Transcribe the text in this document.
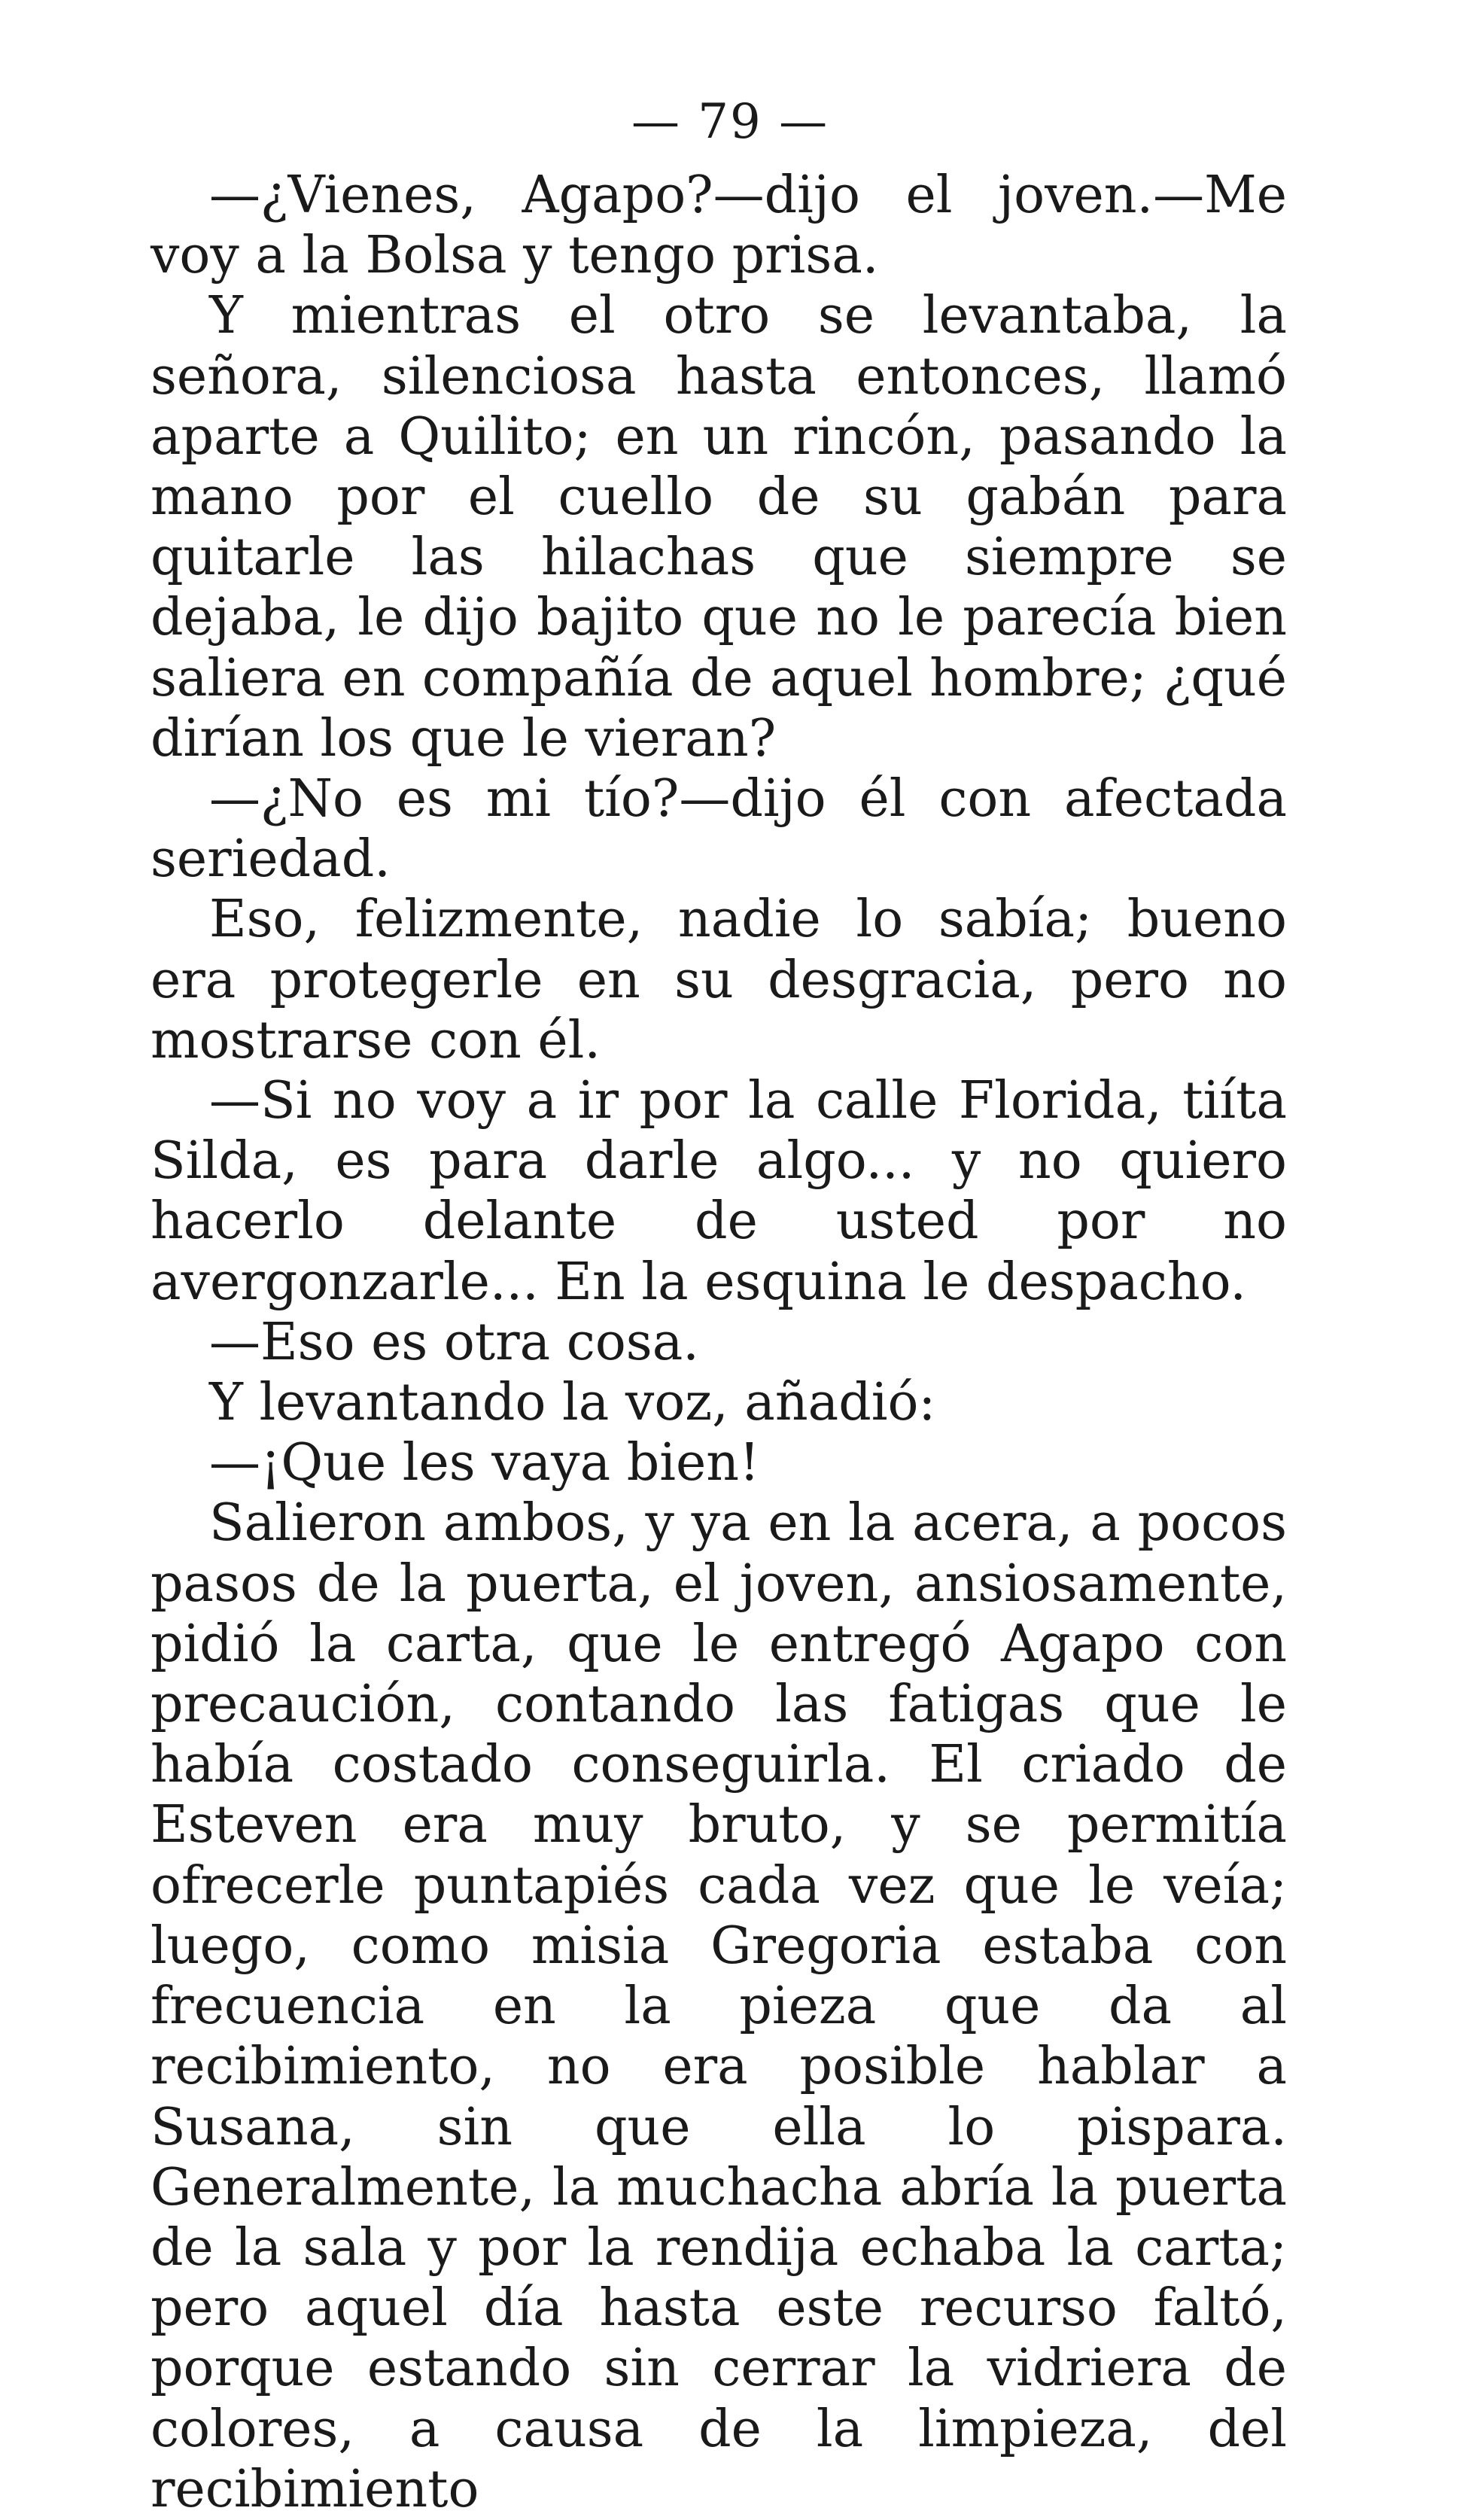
— 79 —

—¿Vienes, Agapo?—dijo el joven.—Me voy a la Bolsa y tengo prisa.

Y mientras el otro se levantaba, la señora, silenciosa hasta entonces, llamó aparte a Quilito; en un rincón, pasando la mano por el cuello de su gabán para quitarle las hilachas que siempre se dejaba, le dijo bajito que no le parecía bien saliera en compañía de aquel hombre; ¿qué dirían los que le vieran?

—¿No es mi tío?—dijo él con afectada seriedad.

Eso, felizmente, nadie lo sabía; bueno era protegerle en su desgracia, pero no mostrarse con él.

—Si no voy a ir por la calle Florida, tiíta Silda, es para darle algo... y no quiero hacerlo delante de usted por no avergonzarle... En la esquina le despacho.

—Eso es otra cosa.

Y levantando la voz, añadió:

—¡Que les vaya bien!

Salieron ambos, y ya en la acera, a pocos pasos de la puerta, el joven, ansiosamente, pidió la carta, que le entregó Agapo con precaución, contando las fatigas que le había costado conseguirla. El criado de Esteven era muy bruto, y se permitía ofrecerle puntapiés cada vez que le veía; luego, como misia Gregoria estaba con frecuencia en la pieza que da al recibimiento, no era posible hablar a Susana, sin que ella lo pispara. Generalmente, la muchacha abría la puerta de la sala y por la rendija echaba la carta; pero aquel día hasta este recurso faltó, porque estando sin cerrar la vidriera de colores, a causa de la limpieza, del recibimiento
